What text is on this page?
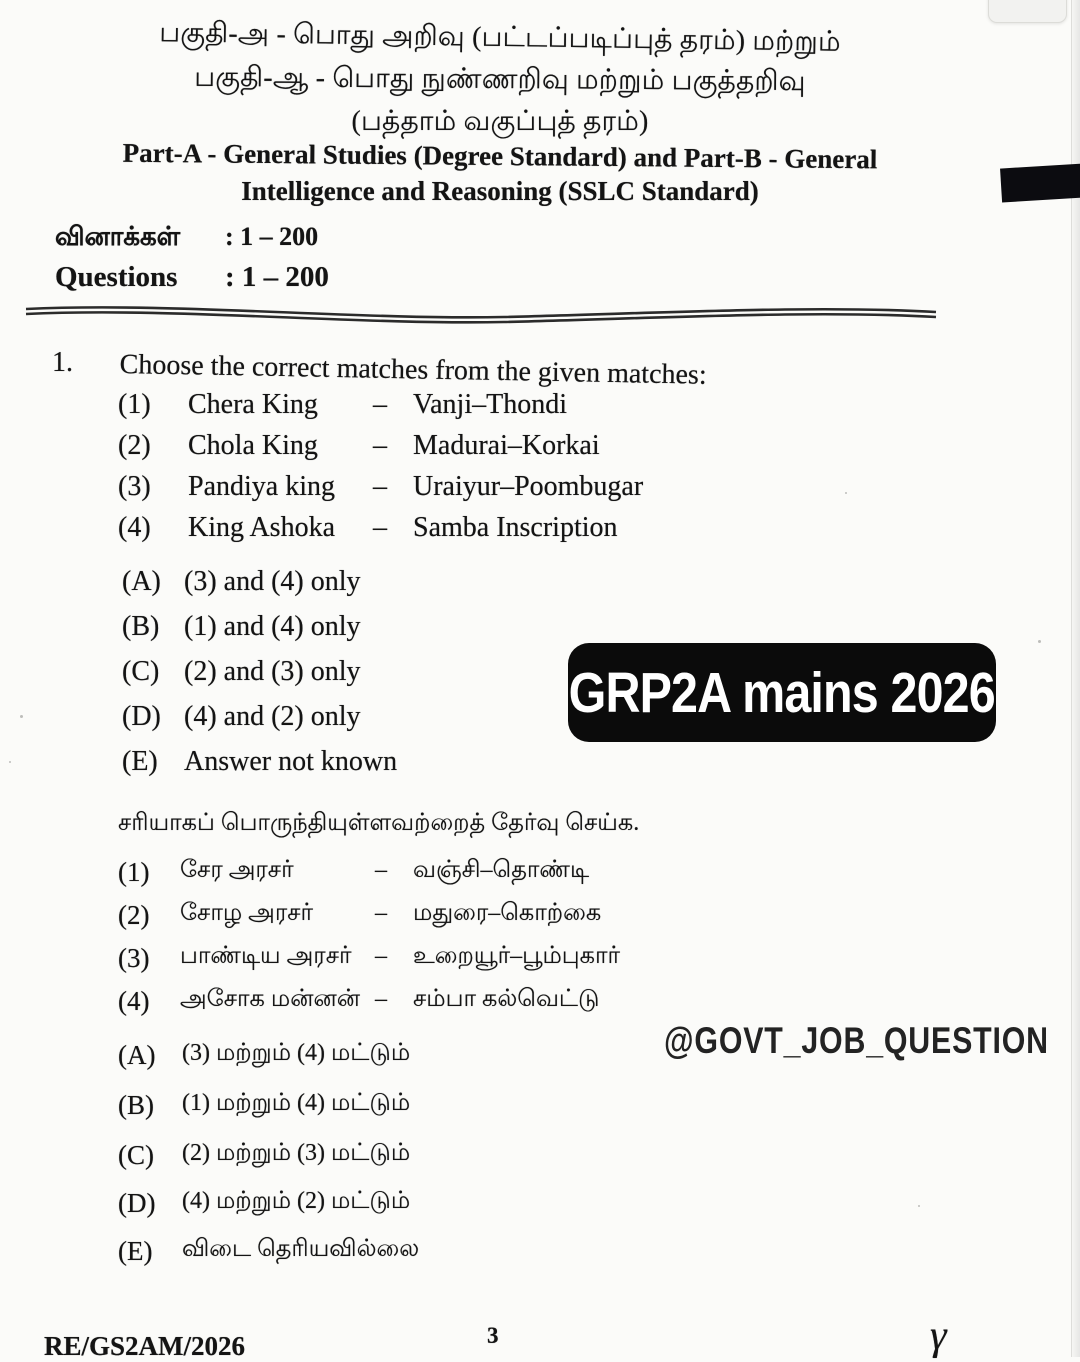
பகுதி-அ - பொது அறிவு (பட்டப்படிப்புத் தரம்) மற்றும்
பகுதி-ஆ - பொது நுண்ணறிவு மற்றும் பகுத்தறிவு
(பத்தாம் வகுப்புத் தரம்)
Part-A - General Studies (Degree Standard) and Part-B - General
Intelligence and Reasoning (SSLC Standard)
வினாக்கள்	: 1 – 200
Questions	: 1 – 200
1. Choose the correct matches from the given matches:
(1)	Chera King	– Vanji–Thondi
(2)	Chola King	– Madurai–Korkai
(3)	Pandiya king	– Uraiyur–Poombugar
(4)	King Ashoka	– Samba Inscription
(A) (3) and (4) only
(B) (1) and (4) only
(C) (2) and (3) only
(D) (4) and (2) only
(E) Answer not known
GRP2A mains 2026
சரியாகப் பொருந்தியுள்ளவற்றைத் தேர்வு செய்க.
(1)	சேர அரசர்	–	வஞ்சி–தொண்டி
(2)	சோழ அரசர்	–	மதுரை–கொற்கை
(3)	பாண்டிய அரசர் –	உறையூர்–பூம்புகார்
(4)	அசோக மன்னன் –	சம்பா கல்வெட்டு
(A)	(3) மற்றும் (4) மட்டும்
(B)	(1) மற்றும் (4) மட்டும்
(C)	(2) மற்றும் (3) மட்டும்
(D)	(4) மற்றும் (2) மட்டும்
(E)	விடை தெரியவில்லை
@GOVT_JOB_QUESTION
RE/GS2AM/2026	3	γ
